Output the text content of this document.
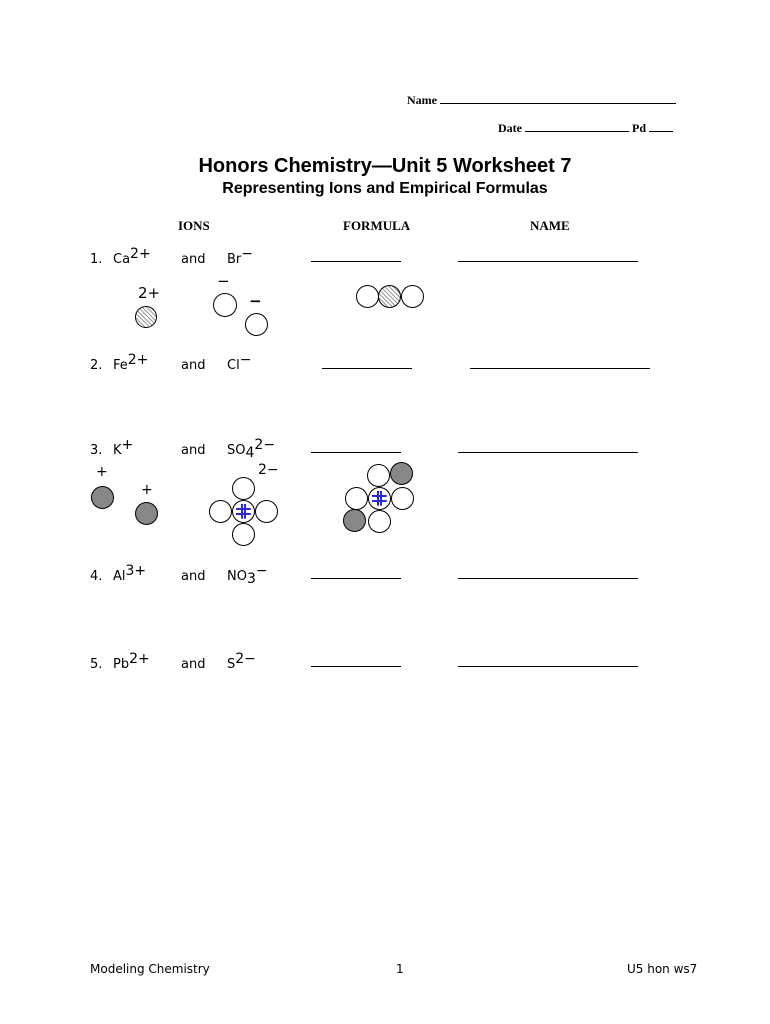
Name
Date	Pd
Honors Chemistry—Unit 5 Worksheet 7
Representing Ions and Empirical Formulas
IONS	FORMULA	NAME
1. $Ca^{2+}$ and Br−
2+
−
−
2. $Fe^{2+}$	and Cl−
3. K+	and $SO_4^{2-}$
+
+
2−
4. $Al^{3+}$	and $NO_3^-$
5. $Pb^{2+}$ and $S^{2-}$
Modeling Chemistry	1	U5 hon ws7
